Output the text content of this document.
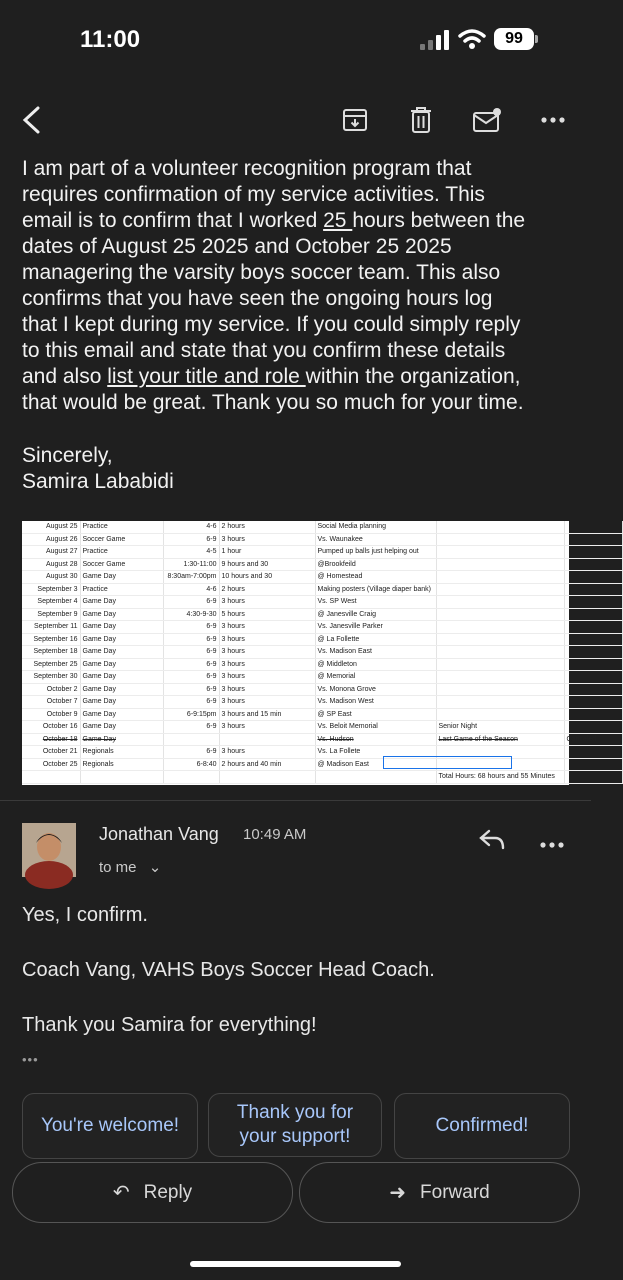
11:00	99

I am part of a volunteer recognition program that

requires confirmation of my service activities. This

email is to confirm that I worked 25 hours between the

dates of August 25 2025 and October 25 2025

managering the varsity boys soccer team. This also

confirms that you have seen the ongoing hours log

that I kept during my service. If you could simply reply

to this email and state that you confirm these details

and also list your title and role within the organization,

that would be great. Thank you so much for your time.

Sincerely,
Samira Lababidi
August 25	Practice	4-6	2 hours	Social Media planning		
August 26	Soccer Game	6-9	3 hours	Vs. Waunakee		
August 27	Practice	4-5	1 hour	Pumped up balls just helping out		
August 28	Soccer Game	1:30-11:00	9 hours and 30	@Brookfeild		
August 30	Game Day	8:30am-7:00pm	10 hours and 30	@ Homestead		
September 3	Practice	4-6	2 hours	Making posters (Village diaper bank)		
September 4	Game Day	6-9	3 hours	Vs. SP West		
September 9	Game Day	4:30-9-30	5 hours	@ Janesville Craig		
September 11	Game Day	6-9	3 hours	Vs. Janesville Parker		
September 16	Game Day	6-9	3 hours	@ La Follette		
September 18	Game Day	6-9	3 hours	Vs. Madison East		
September 25	Game Day	6-9	3 hours	@ Middleton		
September 30	Game Day	6-9	3 hours	@ Memorial		
October 2	Game Day	6-9	3 hours	Vs. Monona Grove		
October 7	Game Day	6-9	3 hours	Vs. Madison West		
October 9	Game Day	6-9:15pm	3 hours and 15 min	@ SP East		
October 16	Game Day	6-9	3 hours	Vs. Beloit Memorial	Senior Night	
October 18	Game Day			Vs. Hudson	Last Game of the Season	Canceled
October 21	Regionals	6-9	3 hours	Vs. La Follete		
October 25	Regionals	6-8:40	2 hours and 40 min	@ Madison East		
					Total Hours: 68 hours and 55 Minutes	
Jonathan Vang 10:49 AM
to me ⌄
Yes, I confirm.
Coach Vang, VAHS Boys Soccer Head Coach.
Thank you Samira for everything!
•••
You're welcome!
Thank you for your support!
Confirmed!
↶ Reply	➜ Forward
